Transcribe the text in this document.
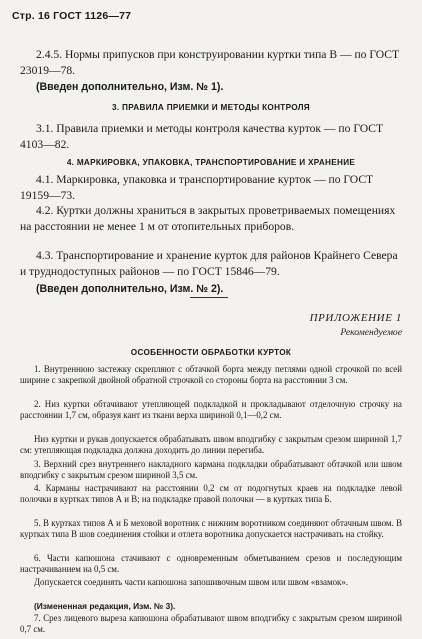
Стр. 16 ГОСТ 1126—77
2.4.5. Нормы припусков при конструировании куртки типа В — по ГОСТ 23019—78.
(Введен дополнительно, Изм. № 1).
3. ПРАВИЛА ПРИЕМКИ И МЕТОДЫ КОНТРОЛЯ
3.1. Правила приемки и методы контроля качества курток — по ГОСТ 4103—82.
4. МАРКИРОВКА, УПАКОВКА, ТРАНСПОРТИРОВАНИЕ И ХРАНЕНИЕ
4.1. Маркировка, упаковка и транспортирование курток — по ГОСТ 19159—73.
4.2. Куртки должны храниться в закрытых проветриваемых помещениях на расстоянии не менее 1 м от отопительных приборов.
4.3. Транспортирование и хранение курток для районов Крайнего Севера и труднодоступных районов — по ГОСТ 15846—79.
(Введен дополнительно, Изм. № 2).
ПРИЛОЖЕНИЕ 1
Рекомендуемое
ОСОБЕННОСТИ ОБРАБОТКИ КУРТОК
1. Внутреннюю застежку скрепляют с обтачкой борта между петлями одной строчкой по всей ширине с закрепкой двойной обратной строчкой со стороны борта на расстоянии 3 см.
2. Низ куртки обтачивают утепляющей подкладкой и прокладывают отделочную строчку на расстоянии 1,7 см, образуя кант из ткани верха шириной 0,1—0,2 см.
Низ куртки и рукав допускается обрабатывать швом вподгибку с закрытым срезом шириной 1,7 см: утепляющая подкладка должна доходить до линии перегиба.
3. Верхний срез внутреннего накладного кармана подкладки обрабатывают обтачкой или швом вподгибку с закрытым срезом шириной 3,5 см.
4. Карманы настрачивают на расстоянии 0,2 см от подогнутых краев на подкладке левой полочки в куртках типов А и В; на подкладке правой полочки — в куртках типа Б.
5. В куртках типов А и Б меховой воротник с нижним воротником соединяют обтачным швом. В куртках типа В шов соединения стойки и отлета воротника допускается настрачивать на стойку.
6. Части капюшона стачивают с одновременным обметыванием срезов и последующим настрачиванием на 0,5 см.
Допускается соединять части капюшона запошивочным швом или швом «взамок».
(Измененная редакция, Изм. № 3).
7. Срез лицевого выреза капюшона обрабатывают швом вподгибку с закрытым срезом шириной 0,7 см.
